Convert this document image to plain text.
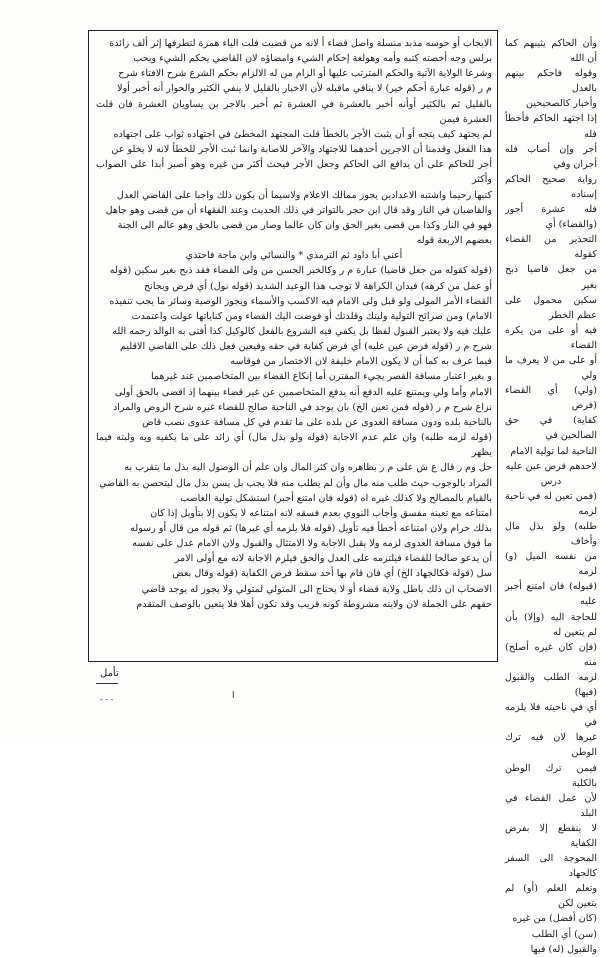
الايجاب أو حوسه مذبد منسلة واصل قضاء أ لانه من قضيت فلت الياء همزة لتطرفها إثر ألف زائدة

برلس وجه أخصته كتبه وأمه وهولغة إحكام الشيء وامضاؤه لان القاضي يحكم الشيء ويحب

وشرعا الولاية الآتية والحكم المترتب عليها أو الزام من له الالزام بحكم الشرع شرح الافتاء شرح

م ر (قوله عبارة أحكم خير) لا ينافي ماقبله لأن الاخبار بالقليل لا ينفي الكثير والحوار أنه أخبر أولا

بالقليل ثم بالكثير أوأنه أخبر بالعشرة في العشرة ثم أخبر بالاجر بن يساويان العشرة فان قلت العشرة فيمن

لم يجتهد كيف يتجه أو أن يثبت الأجر بالخطأ قلت المجتهد المخطئ في اجتهاده ثواب على اجتهاده

هذا الفعل وقدمنا أن الاجرين أحدهما للاجتهاد والآخر للاصابة وانما ثبت الأجر للخطأ لانه لا يخلو عن

أجر للحاكم على أن يدافع الى الحاكم وجعل الأجر فيحث أكثر من غيره وهو أصبر أبدا على الصواب وأكثر

كتبها رحيما واشتبه الاعدادين يجوز ممالك الاعلام ولاسيما أن يكون ذلك واجبا على القاضي العدل

والقاضيان في النار وقد قال ابن حجر بالتواتر في ذلك الحديث وعند الفقهاء أن من قضى وهو جاهل

فهو في النار وكذا من قضى بغير الحق وان كان عالما وصار من قضى بالحق وهو عالم الى الجنة

بعضهم الاربعة قوله

أعني أبا داود ثم الترمذي * والنسائي وابن ماجة فاحتذي

(قوله كقوله من جعل قاضيا) عبارة م ر وكالخبر الحسن من ولى القضاء فقد ذبح بغير سكين (قوله

أو عمل من كرهه) فيدان الكراهة لا توجب هذا الوعيد الشديد (قوله نول) أي فرض وبجانح

القضاء الأمر المولى ولو قبل ولى الامام فيه الاكسب والأسماء ويجوز الوصية وسائر ما يجب تنفيذه

الامام) ومن صرائح التولية وليتك وقلدتك أو فوضت اليك القضاء ومن كناياتها عولت واعتمدت

عليك فيه ولا يعتبر القبول لفظا بل يكفي فيه الشروع بالفعل كالوكيل كذا أفتى به الوالد رحمه الله

شرح م ر (قوله فرض عين عليه) أي فرض كفاية في حقه وفيعين فعل ذلك على القاضي الاقليم

فيما عرف به كما أن لا يكون الامام خليفة لان الاختصار من فوقاسه

و بغير اعتبار مسافة القصر يجيء المقترن أما إنكاع القضاء بين المتخاصمين عند غيرهما

الامام وأما ولي ويمتنع عليه الدفع أنه يدفع المتخاصمين عن غير قضاء بينهما إذ اقضى بالحق أولى

نزاع شرح م ر (قوله فمن تعين الخ) بان يوجد في الناحية صالح للقضاء غيره شرح الروض والمراد

بالناحية بلده ودون مسافة العدوى عن بلده على ما تقدم في كل مسافة عدوى نصب قاض

(قوله لزمه طلبه) وان علم عدم الاجابة (قوله ولو بذل مال) أي زائد على ما يكفيه ويه ولبته فيما يظهر

حل وم ر قال ع ش على م ر بظاهره وان كثر المال وان علم أن الوصول اليه بذل ما يتقرب به

المراد بالوجوب حيث طلب منه مال وأن لم يطلب منه فلا يجب بل يسن بذل مال ليتحصن به القاضي

بالقيام بالمصالح ولا كذلك غيره اه (قوله فان امتنع أجبر) استشكل تولية الغاصب

امتناعه مع تعينه مفسق وأجاب النووي بعدم فسقه لانه امتناعه لا يكون إلا بتأويل إذا كان

بذلك حرام ولان امتناعه أخطأ فيه تأويل (قوله فلا يلزمه أي غيرها) ثم قوله من قال أو رسوله

ما فوق مسافة العدوى لزمه ولا يقبل الاجابة ولا الامتثال والقبول ولان الامام عدل على نفسه

أن يدعو صالحا للقضاء فيلتزمه على العدل والحق فيلزم الاجابة لانه مع أولى الامر

سل (قوله فكالجهاد الخ) أي فان قام بها أحد سقط فرض الكفاية (قوله وقال بعض

الاصحاب ان ذلك باطل ولاية قضاء أو لا يحتاج الى المتولي لمتولي ولا يجوز له يوجد قاضي

حقهم على الجملة لان ولايته مشروطة كونه قريب وقد تكون أهلا فلا يتعين بالوصف المتقدم

وأن الحاكم يثيبهم كما أن الله

وقوله فاحكم بينهم بالعدل

وأخبار كالصحيحين

إذا اجتهد الحاكم فأخطأ فله

أجر وإن أصاب فله أجران وفي

رواية صحيح الحاكم إسناده

فله عشرة أجور (والقضاء) أي

التحذير من القضاء كقوله

من جعل قاضيا ذبح بغير

سكين محمول على عظم الخطر

فيه أو على من يكره القضاء

أو على من لا يعرف ما ولي

(ولي) أي القضاء (فرض

كفاية) في حق الصالحين في

الناحية لما تولية الامام

لاحدهم فرض عين عليه

درس

(فمن تعين له في ناحية لزمه

طلبه) ولو بذل مال وأخاف

من نفسه الميل (و) لزمه

(قبوله) فان امتنع أجبر عليه

للحاجة اليه (وإلا) بأن لم يتعين له

(فإن كان غيره أصلح) منه

لزمه الطلب والقبول (فيها)

أي في ناحيته فلا يلزمه في

غيرها لان فيه ترك الوطن

فيمن ترك الوطن بالكلية

لأن عمل القضاء في البلد

لا ينقطع إلا بفرض الكفاية

المحوجة الى السفر كالجهاد

وتعلم العلم (أو) لم يتعين لكن

(كان أفضل) من غيره

(سن) أي الطلب

والقبول (له) فيها

تأمل
- - -	ا
